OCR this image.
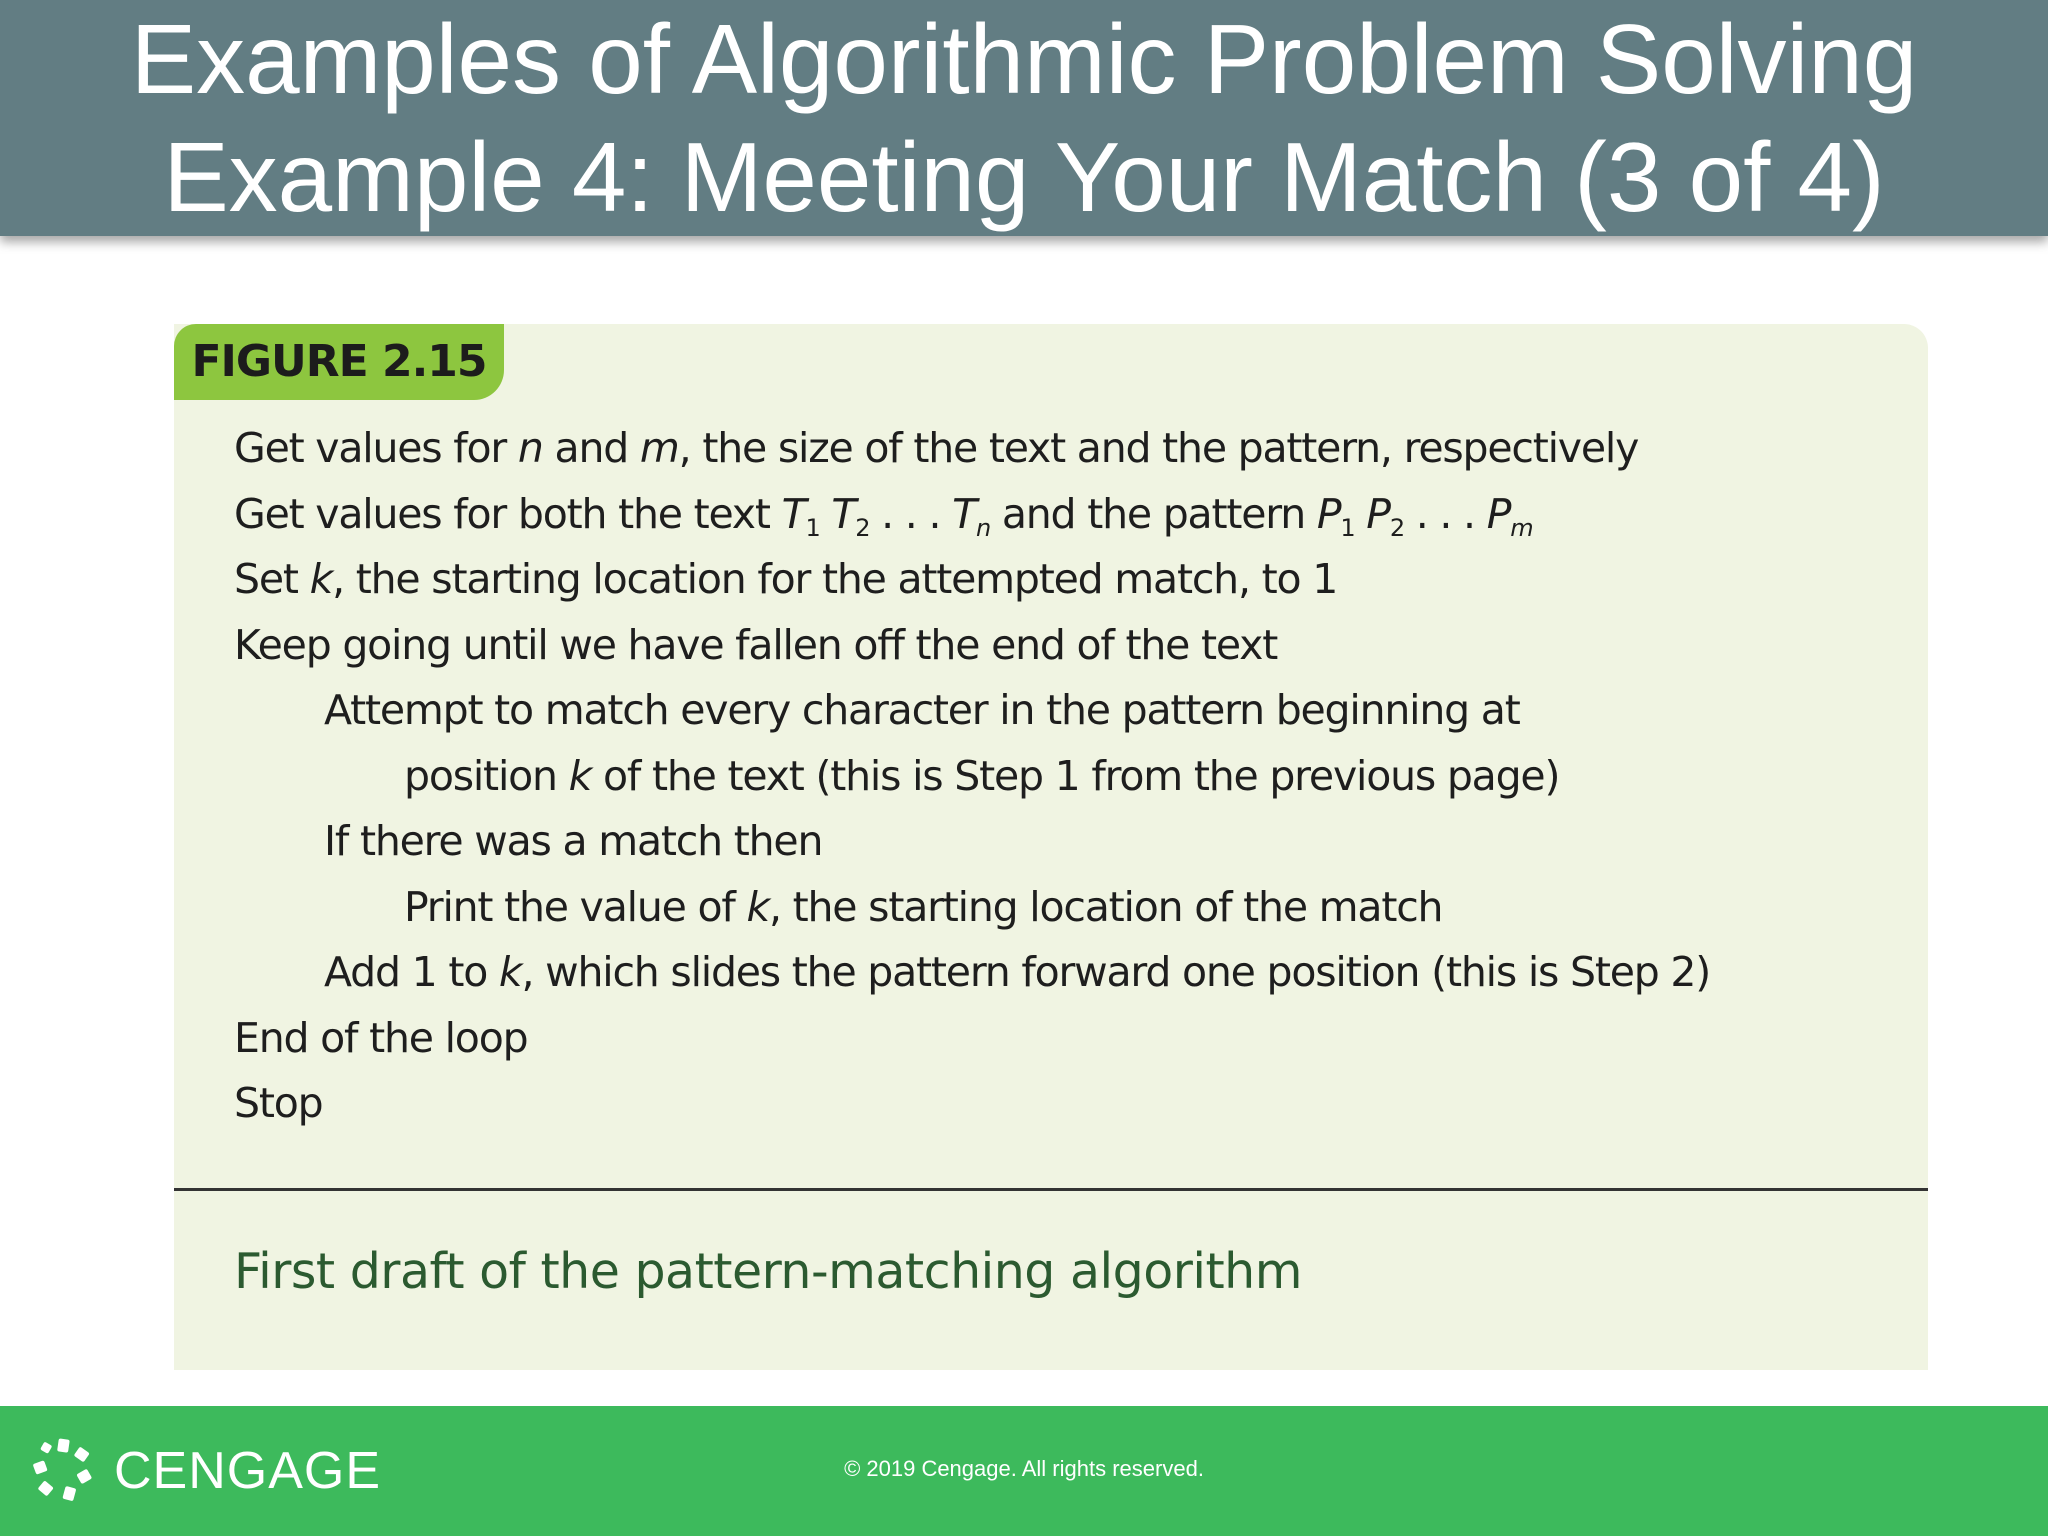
Examples of Algorithmic Problem Solving
Example 4: Meeting Your Match (3 of 4)
FIGURE 2.15
Get values for n and m, the size of the text and the pattern, respectively
Get values for both the text $T_1$ $T_2$ . . . $T_n$ and the pattern $P_1$ $P_2$ . . . $P_m$
Set k, the starting location for the attempted match, to 1
Keep going until we have fallen off the end of the text
Attempt to match every character in the pattern beginning at
position k of the text (this is Step 1 from the previous page)
If there was a match then
Print the value of k, the starting location of the match
Add 1 to k, which slides the pattern forward one position (this is Step 2)
End of the loop
Stop
First draft of the pattern-matching algorithm
CENGAGE	© 2019 Cengage. All rights reserved.
